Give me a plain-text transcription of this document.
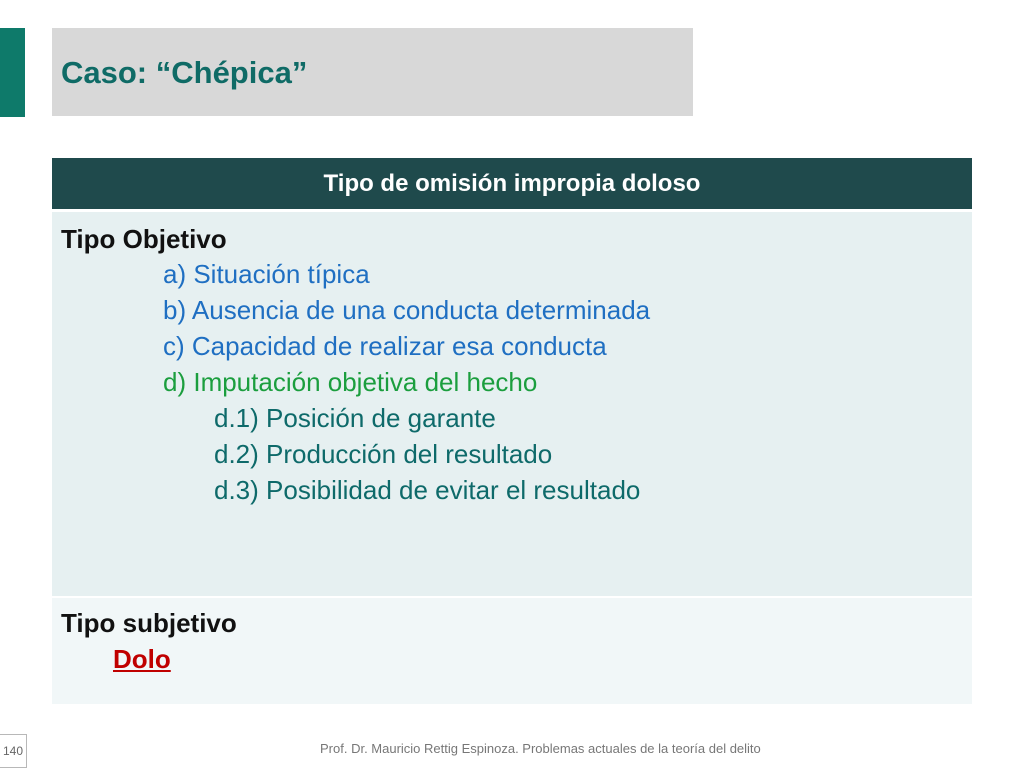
Caso: “Chépica”
Tipo de omisión impropia doloso
Tipo Objetivo
a) Situación típica
b) Ausencia de una conducta determinada
c) Capacidad de realizar esa conducta
d) Imputación objetiva del hecho
d.1) Posición de garante
d.2) Producción del resultado
d.3) Posibilidad de evitar el resultado
Tipo subjetivo
Dolo
140	Prof. Dr. Mauricio Rettig Espinoza. Problemas actuales de la teoría del delito
